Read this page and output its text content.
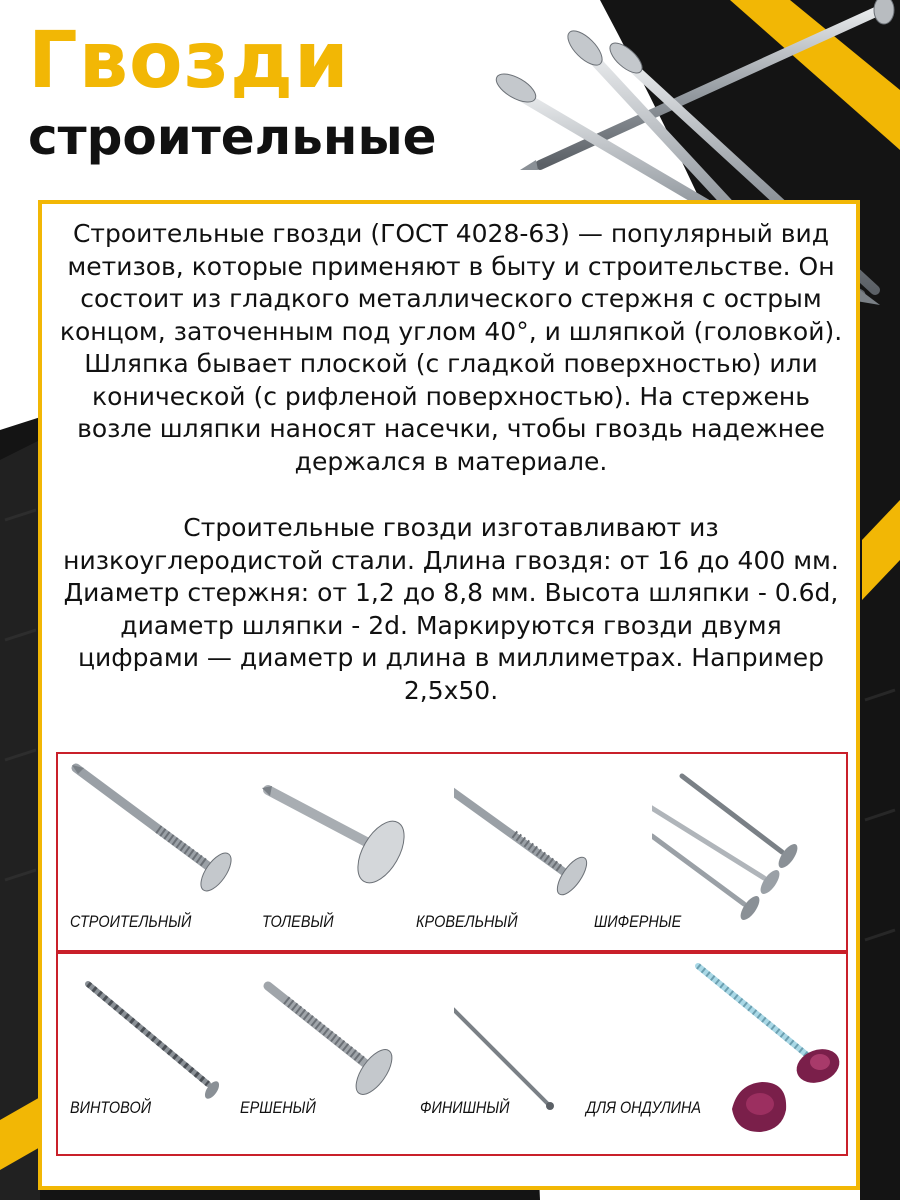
Гвозди
строительные

Строительные гвозди (ГОСТ 4028-63) — популярный вид метизов, которые применяют в быту и строительстве. Он состоит из гладкого металлического стержня с острым концом, заточенным под углом 40°, и шляпкой (головкой). Шляпка бывает плоской (с гладкой поверхностью) или конической (с рифленой поверхностью). На стержень возле шляпки наносят насечки, чтобы гвоздь надежнее держался в материале.

Строительные гвозди изготавливают из низкоуглеродистой стали. Длина гвоздя: от 16 до 400 мм. Диаметр стержня: от 1,2 до 8,8 мм. Высота шляпки - 0.6d, диаметр шляпки - 2d. Маркируются гвозди двумя цифрами — диаметр и длина в миллиметрах. Например 2,5х50.

СТРОИТЕЛЬНЫЙ	ТОЛЕВЫЙ	КРОВЕЛЬНЫЙ	ШИФЕРНЫЕ
ВИНТОВОЙ	ЕРШЕНЫЙ	ФИНИШНЫЙ	ДЛЯ ОНДУЛИНА
